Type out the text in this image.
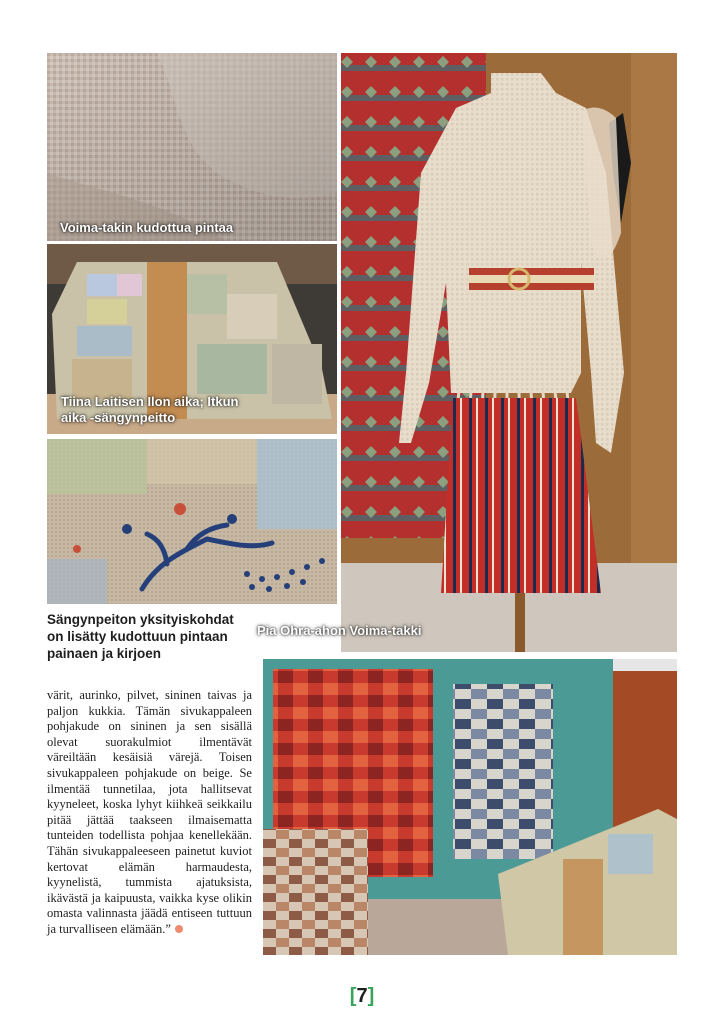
Voima-takin kudottua pintaa
Tiina Laitisen Ilon aika; Itkun
aika -sängynpeitto
Pia Ohra-ahon Voima-takki
Sängynpeiton yksityiskohdat
on lisätty kudottuun pintaan
painaen ja kirjoen
värit, aurinko, pilvet, sininen taivas ja paljon kukkia. Tämän sivukappaleen pohjakude on sininen ja sen sisällä olevat suorakulmiot ilmentävät väreiltään kesäisiä värejä. Toisen sivukappaleen pohjakude on beige. Se ilmentää tunnetilaa, jota hallitsevat kyyneleet, koska lyhyt kiihkeä seikkailu pitää jättää taakseen ilmaisematta tunteiden todellista pohjaa kenellekään. Tähän sivukappaleeseen painetut kuviot kertovat elämän harmaudesta, kyynelistä, tummista ajatuksista, ikävästä ja kaipuusta, vaikka kyse olikin omasta valinnasta jäädä entiseen tuttuun ja turvalliseen elämään.”
[7]
